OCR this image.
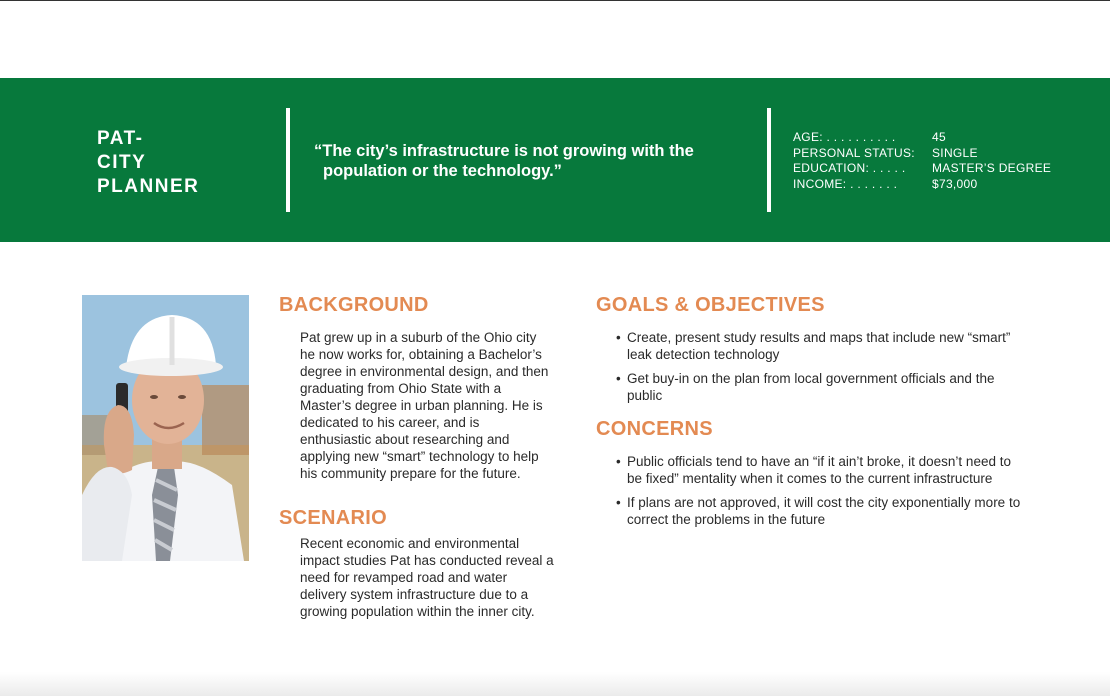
PAT-
CITY
PLANNER
“The city’s infrastructure is not growing with the population or the technology.”
AGE: . . . . . . . . . .	45
PERSONAL STATUS:	SINGLE
EDUCATION: . . . . .	MASTER’S DEGREE
INCOME: . . . . . . .	$73,000
BACKGROUND
Pat grew up in a suburb of the Ohio city he now works for, obtaining a Bachelor’s degree in environmental design, and then graduating from Ohio State with a Master’s degree in urban planning. He is dedicated to his career, and is enthusiastic about researching and applying new “smart” technology to help his community prepare for the future.
SCENARIO
Recent economic and environmental impact studies Pat has conducted reveal a need for revamped road and water delivery system infrastructure due to a growing population within the inner city.
GOALS & OBJECTIVES
• Create, present study results and maps that include new “smart” leak detection technology
• Get buy-in on the plan from local government officials and the public
CONCERNS
• Public officials tend to have an “if it ain’t broke, it doesn’t need to be fixed” mentality when it comes to the current infrastructure
• If plans are not approved, it will cost the city exponentially more to correct the problems in the future
